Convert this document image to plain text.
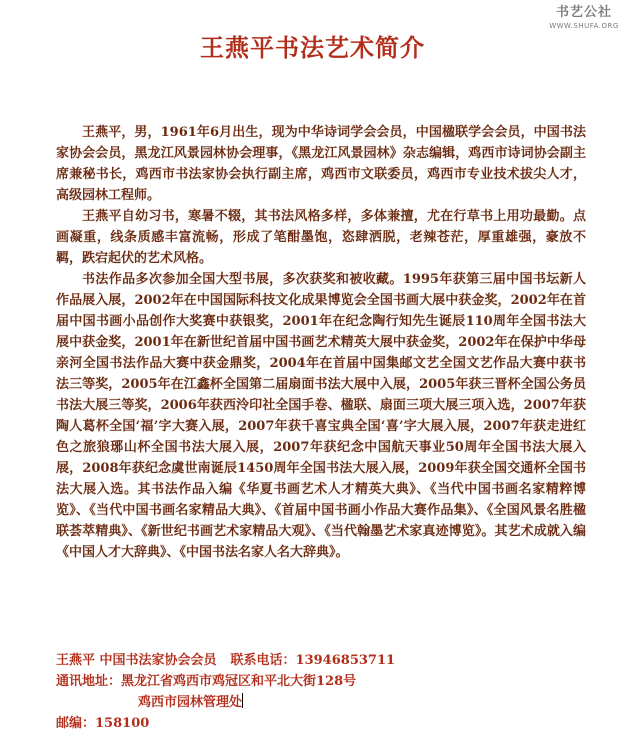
书艺公社
WWW.SHUFA.ORG
王燕平书法艺术简介

王燕平，男，1961年6月出生，现为中华诗词学会会员，中国楹联学会会员，中国书法家协会会员，黑龙江风景园林协会理事，《黑龙江风景园林》杂志编辑，鸡西市诗词协会副主席兼秘书长，鸡西市书法家协会执行副主席，鸡西市文联委员，鸡西市专业技术拔尖人才，高级园林工程师。

王燕平自幼习书，寒暑不辍，其书法风格多样，多体兼擅，尤在行草书上用功最勤。点画凝重，线条质感丰富流畅，形成了笔酣墨饱，恣肆洒脱，老辣苍茫，厚重雄强，豪放不羁，跌宕起伏的艺术风格。

书法作品多次参加全国大型书展，多次获奖和被收藏。1995年获第三届中国书坛新人作品展入展，2002年在中国国际科技文化成果博览会全国书画大展中获金奖，2002年在首届中国书画小品创作大奖赛中获银奖，2001年在纪念陶行知先生诞辰110周年全国书法大展中获金奖，2001年在新世纪首届中国书画艺术精英大展中获金奖，2002年在保护中华母亲河全国书法作品大赛中获金鼎奖，2004年在首届中国集邮文艺全国文艺作品大赛中获书法三等奖，2005年在江鑫杯全国第二届扇面书法大展中入展，2005年获三晋杯全国公务员书法大展三等奖，2006年获西泠印社全国手卷、楹联、扇面三项大展三项入选，2007年获陶人葛杯全国‘福’字大赛入展，2007年获千喜宝典全国‘喜’字大展入展，2007年获走进红色之旅狼琊山杯全国书法大展入展，2007年获纪念中国航天事业50周年全国书法大展入展，2008年获纪念虞世南诞辰1450周年全国书法大展入展，2009年获全国交通杯全国书法大展入选。其书法作品入编《华夏书画艺术人才精英大典》、《当代中国书画名家精粹博览》、《当代中国书画名家精品大典》、《首届中国书画小作品大赛作品集》、《全国风景名胜楹联荟萃精典》、《新世纪书画艺术家精品大观》、《当代翰墨艺术家真迹博览》。其艺术成就入编《中国人才大辞典》、《中国书法名家人名大辞典》。

王燕平 中国书法家协会会员 联系电话：13946853711
通讯地址：黑龙江省鸡西市鸡冠区和平北大街128号
鸡西市园林管理处
邮编：158100
